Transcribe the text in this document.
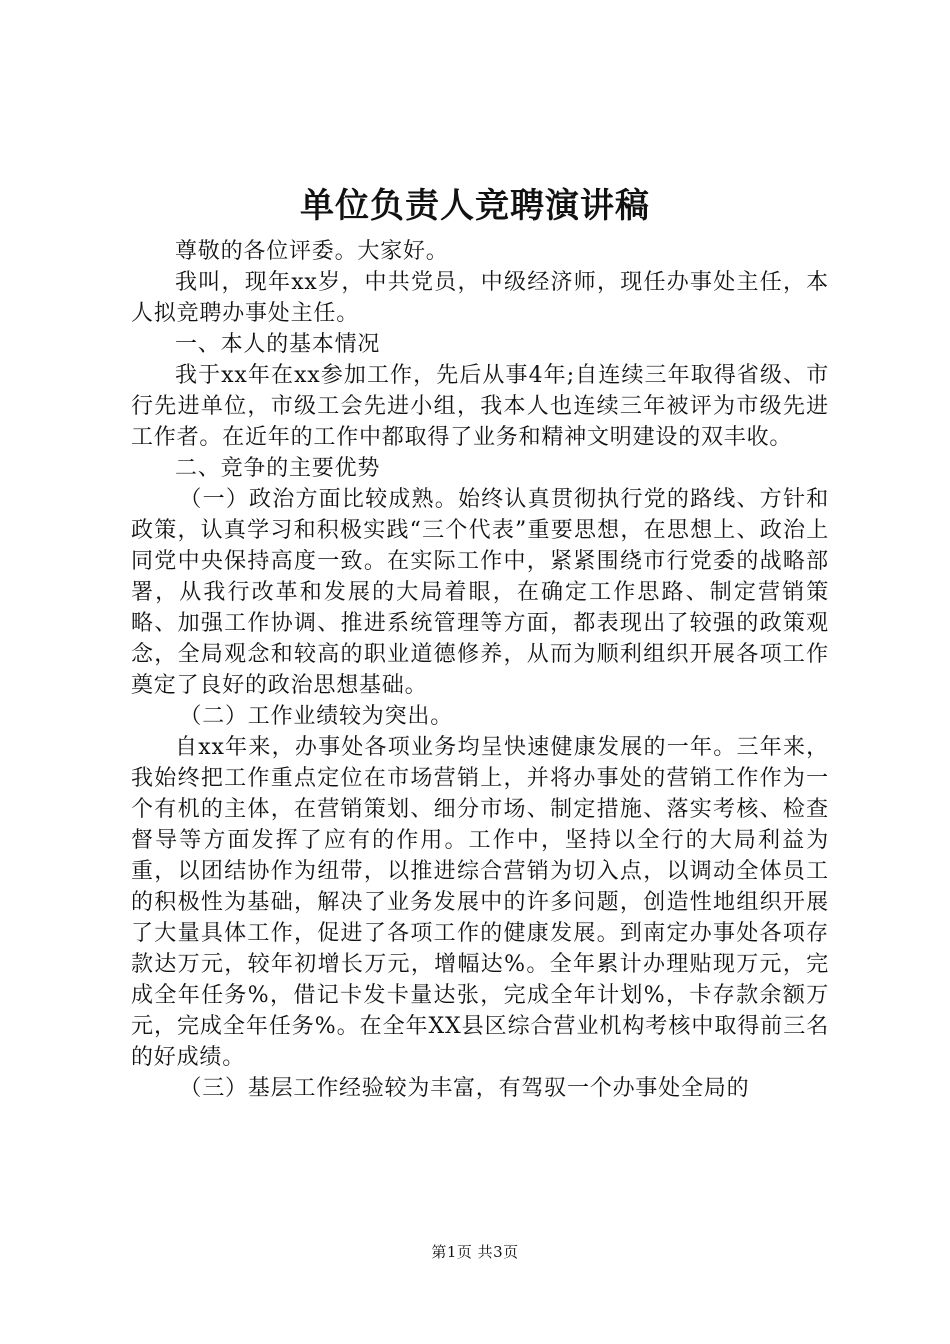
单位负责人竞聘演讲稿

尊敬的各位评委。大家好。

我叫，现年xx岁，中共党员，中级经济师，现任办事处主任，本人拟竞聘办事处主任。

一、本人的基本情况

我于xx年在xx参加工作，先后从事4年;自连续三年取得省级、市行先进单位，市级工会先进小组，我本人也连续三年被评为市级先进工作者。在近年的工作中都取得了业务和精神文明建设的双丰收。

二、竞争的主要优势

（一）政治方面比较成熟。始终认真贯彻执行党的路线、方针和政策，认真学习和积极实践“三个代表”重要思想，在思想上、政治上同党中央保持高度一致。在实际工作中，紧紧围绕市行党委的战略部署，从我行改革和发展的大局着眼，在确定工作思路、制定营销策略、加强工作协调、推进系统管理等方面，都表现出了较强的政策观念，全局观念和较高的职业道德修养，从而为顺利组织开展各项工作奠定了良好的政治思想基础。

（二）工作业绩较为突出。

自xx年来，办事处各项业务均呈快速健康发展的一年。三年来，我始终把工作重点定位在市场营销上，并将办事处的营销工作作为一个有机的主体，在营销策划、细分市场、制定措施、落实考核、检查督导等方面发挥了应有的作用。工作中，坚持以全行的大局利益为重，以团结协作为纽带，以推进综合营销为切入点，以调动全体员工的积极性为基础，解决了业务发展中的许多问题，创造性地组织开展了大量具体工作，促进了各项工作的健康发展。到南定办事处各项存款达万元，较年初增长万元，增幅达%。全年累计办理贴现万元，完成全年任务%，借记卡发卡量达张，完成全年计划%，卡存款余额万元，完成全年任务%。在全年XX县区综合营业机构考核中取得前三名的好成绩。

（三）基层工作经验较为丰富，有驾驭一个办事处全局的

第1页 共3页
